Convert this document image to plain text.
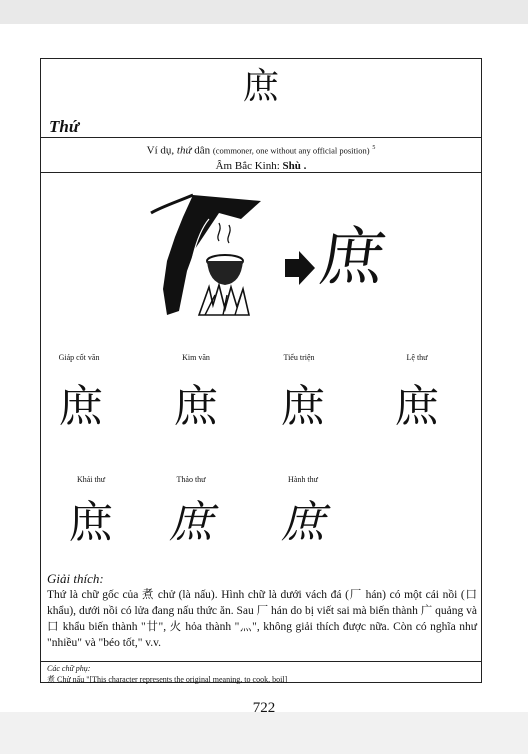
庶
Thứ
Ví dụ, thứ dân (commoner, one without any official position) $^5$
Âm Bắc Kinh: Shù .
庶
Giáp cốt văn	Kim văn	Tiểu triện	Lệ thư
庶	庶	庶	庶
Khải thư	Thảo thư	Hành thư
庶	庶	庶
Giải thích:
Thứ là chữ gốc của 煮 chử (là nấu). Hình chữ là dưới vách đá (厂 hán) có một cái nồi (口 khẩu), dưới nồi có lửa đang nấu thức ăn. Sau 厂 hán do bị viết sai mà biến thành 广 quảng và 口 khẩu biến thành "廿", 火 hỏa thành "灬", không giải thích được nữa. Còn có nghĩa như "nhiều" và "béo tốt," v.v.
Các chữ phụ:
煮 Chử nấu "[This character represents the original meaning, to cook, boil]
722
